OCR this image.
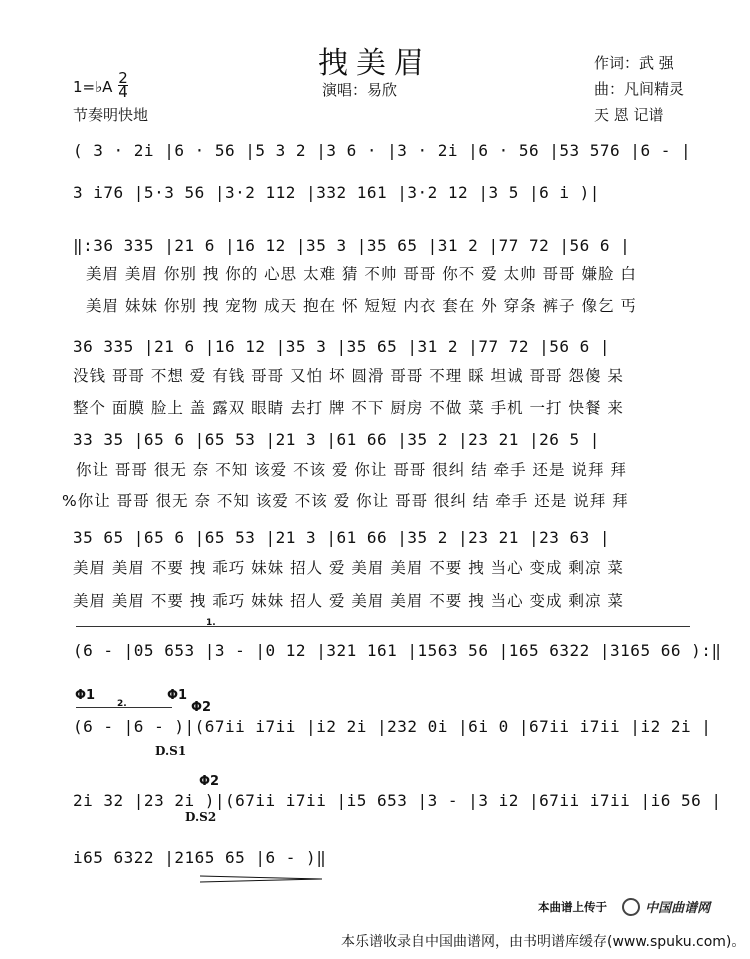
拽美眉
1=♭A 2
4
节奏明快地
演唱：易欣
作词：武 强
曲：凡间精灵
天 恩 记谱
( 3 · 2i |6 · 56 |5 3 2 |3 6 · |3 · 2i |6 · 56 |53 576 |6 - |
3 i76 |5·3 56 |3·2 112 |332 161 |3·2 12 |3 5 |6 i )|
‖:36 335 |21 6 |16 12 |35 3 |35 65 |31 2 |77 72 |56 6 |
美眉 美眉 你别 拽 你的 心思 太难 猜 不帅 哥哥 你不 爱 太帅 哥哥 嫌脸 白
美眉 妹妹 你别 拽 宠物 成天 抱在 怀 短短 内衣 套在 外 穿条 裤子 像乞 丐
36 335 |21 6 |16 12 |35 3 |35 65 |31 2 |77 72 |56 6 |
没钱 哥哥 不想 爱 有钱 哥哥 又怕 坏 圆滑 哥哥 不理 睬 坦诚 哥哥 怨傻 呆
整个 面膜 脸上 盖 露双 眼睛 去打 牌 不下 厨房 不做 菜 手机 一打 快餐 来
33 35 |65 6 |65 53 |21 3 |61 66 |35 2 |23 21 |26 5 |
你让 哥哥 很无 奈 不知 该爱 不该 爱 你让 哥哥 很纠 结 牵手 还是 说拜 拜
%你让 哥哥 很无 奈 不知 该爱 不该 爱 你让 哥哥 很纠 结 牵手 还是 说拜 拜
35 65 |65 6 |65 53 |21 3 |61 66 |35 2 |23 21 |23 63 |
美眉 美眉 不要 拽 乖巧 妹妹 招人 爱 美眉 美眉 不要 拽 当心 变成 剩凉 菜
美眉 美眉 不要 拽 乖巧 妹妹 招人 爱 美眉 美眉 不要 拽 当心 变成 剩凉 菜
1.
(6 - |05 653 |3 - |0 12 |321 161 |1563 56 |165 6322 |3165 66 ):‖
Φ1	Φ1
Φ2
2.
(6 - |6 - )|(67ii i7ii |i2 2i |232 0i |6i 0 |67ii i7ii |i2 2i |
D.S1
Φ2
2i 32 |23 2i )|(67ii i7ii |i5 653 |3 - |3 i2 |67ii i7ii |i6 56 |
D.S2
i65 6322 |2165 65 |6 - )‖
本曲谱上传于	中国曲谱网
本乐谱收录自中国曲谱网，由书明谱库缓存(www.spuku.com)。
